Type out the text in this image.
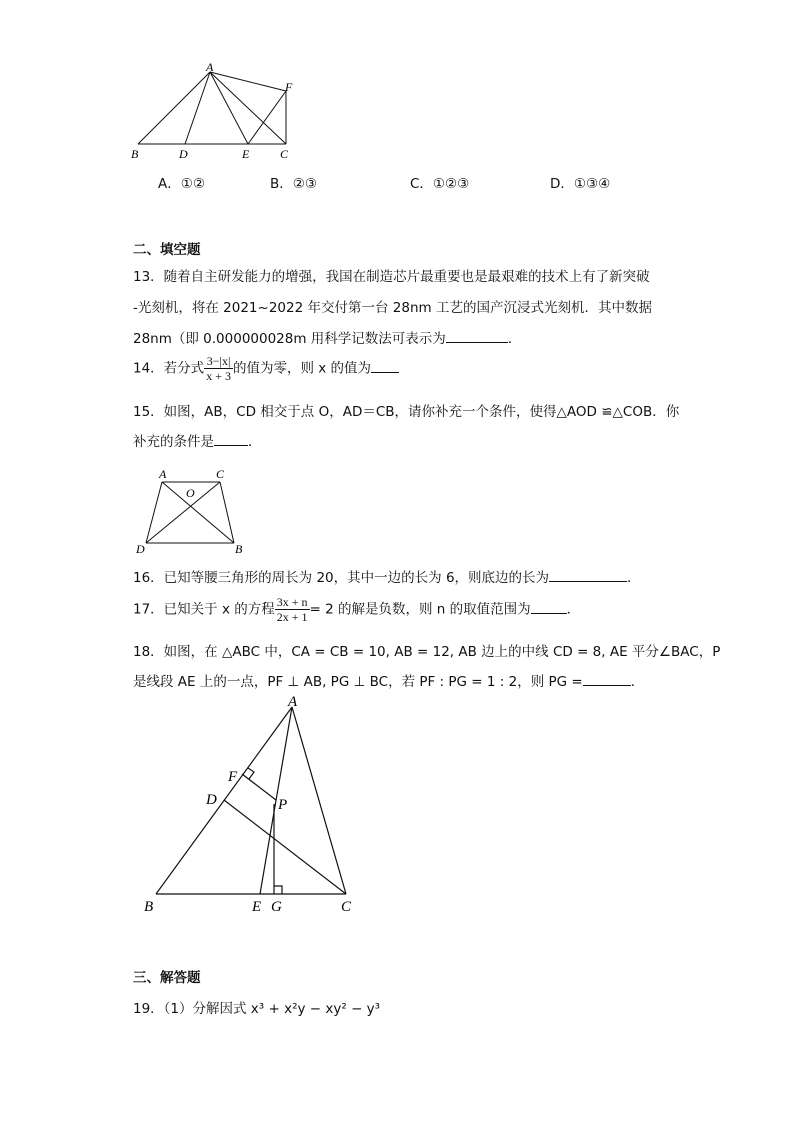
A
F
B	D	E	C
A．①②	B．②③	C．①②③	D．①③④
二、填空题
13．随着自主研发能力的增强，我国在制造芯片最重要也是最艰难的技术上有了新突破
-光刻机，将在 2021~2022 年交付第一台 28nm 工艺的国产沉浸式光刻机．其中数据
28nm（即 0.000000028m 用科学记数法可表示为	．
14．若分式 $\frac{3-|x|}{x + 3}$ 的值为零，则 x 的值为
15．如图，AB，CD 相交于点 O，AD＝CB，请你补充一个条件，使得△AOD ≌△COB．你
补充的条件是	．
A	C
O
D	B
16．已知等腰三角形的周长为 20，其中一边的长为 6，则底边的长为	．
17．已知关于 x 的方程 $\frac{3x + n}{2x + 1} = 2$ 的解是负数，则 n 的取值范围为	．
18．如图，在 △ABC 中，CA = CB = 10, AB = 12, AB 边上的中线 CD = 8, AE 平分∠BAC，P
是线段 AE 上的一点，PF ⊥ AB, PG ⊥ BC，若 PF : PG = 1 : 2，则 PG =	．
A
F
D	P
B	E G	C
三、解答题
19．（1）分解因式 x³ + x²y − xy² − y³
